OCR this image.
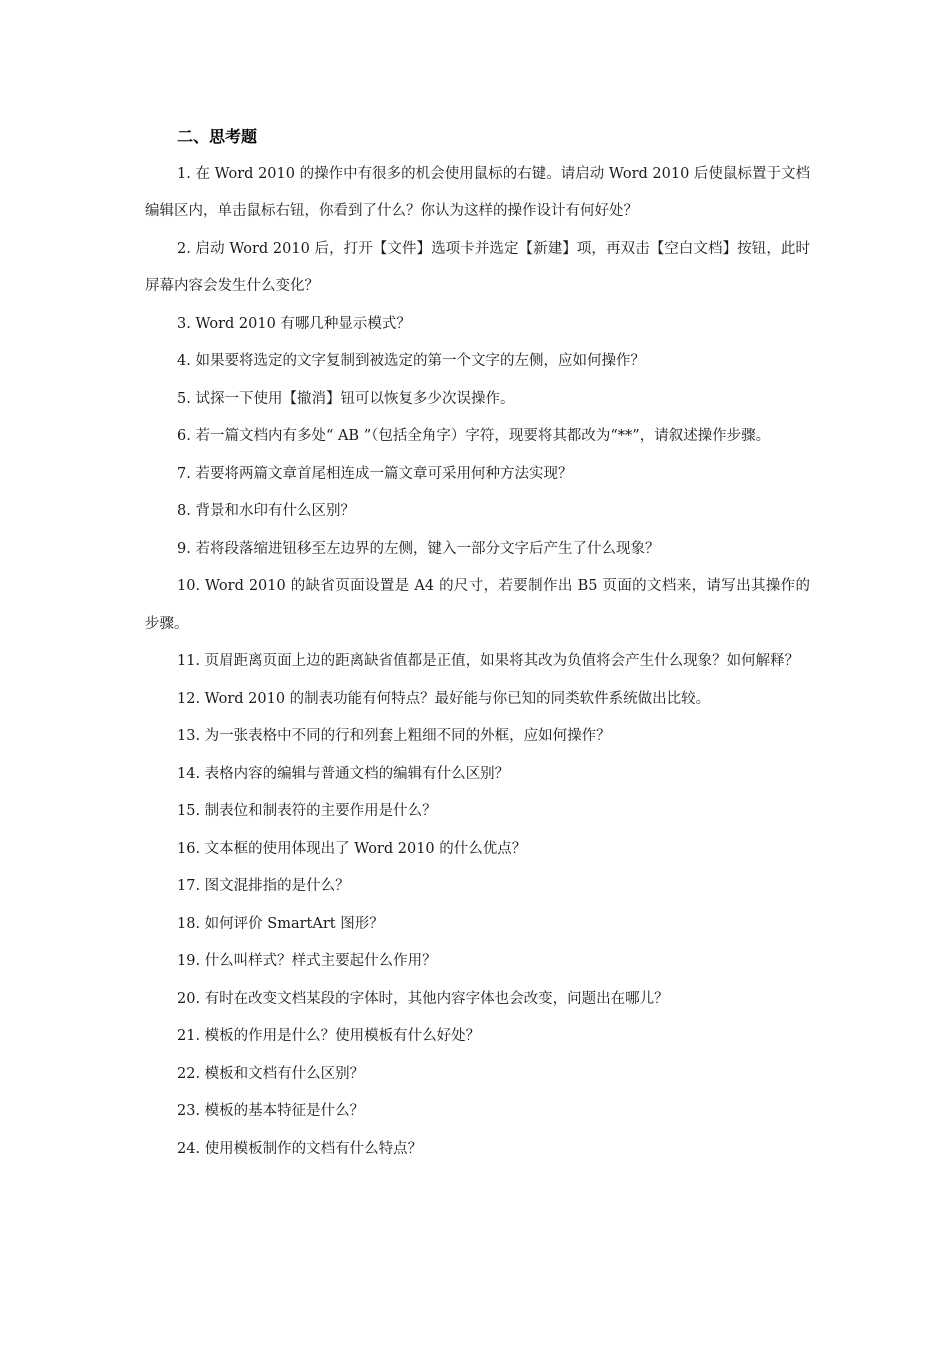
二、思考题

1. 在 Word 2010 的操作中有很多的机会使用鼠标的右键。请启动 Word 2010 后使鼠标置于文档编辑区内，单击鼠标右钮，你看到了什么？你认为这样的操作设计有何好处？

2. 启动 Word 2010 后，打开【文件】选项卡并选定【新建】项，再双击【空白文档】按钮，此时屏幕内容会发生什么变化？

3. Word 2010 有哪几种显示模式？

4. 如果要将选定的文字复制到被选定的第一个文字的左侧，应如何操作？

5. 试探一下使用【撤消】钮可以恢复多少次误操作。

6. 若一篇文档内有多处“ AB ”（包括全角字）字符，现要将其都改为“**”，请叙述操作步骤。

7. 若要将两篇文章首尾相连成一篇文章可采用何种方法实现？

8. 背景和水印有什么区别？

9. 若将段落缩进钮移至左边界的左侧，键入一部分文字后产生了什么现象？

10. Word 2010 的缺省页面设置是 A4 的尺寸，若要制作出 B5 页面的文档来，请写出其操作的步骤。

11. 页眉距离页面上边的距离缺省值都是正值，如果将其改为负值将会产生什么现象？如何解释？

12. Word 2010 的制表功能有何特点？最好能与你已知的同类软件系统做出比较。

13. 为一张表格中不同的行和列套上粗细不同的外框，应如何操作？

14. 表格内容的编辑与普通文档的编辑有什么区别？

15. 制表位和制表符的主要作用是什么？

16. 文本框的使用体现出了 Word 2010 的什么优点？

17. 图文混排指的是什么？

18. 如何评价 SmartArt 图形？

19. 什么叫样式？样式主要起什么作用？

20. 有时在改变文档某段的字体时，其他内容字体也会改变，问题出在哪儿？

21. 模板的作用是什么？使用模板有什么好处？

22. 模板和文档有什么区别？

23. 模板的基本特征是什么？

24. 使用模板制作的文档有什么特点？
